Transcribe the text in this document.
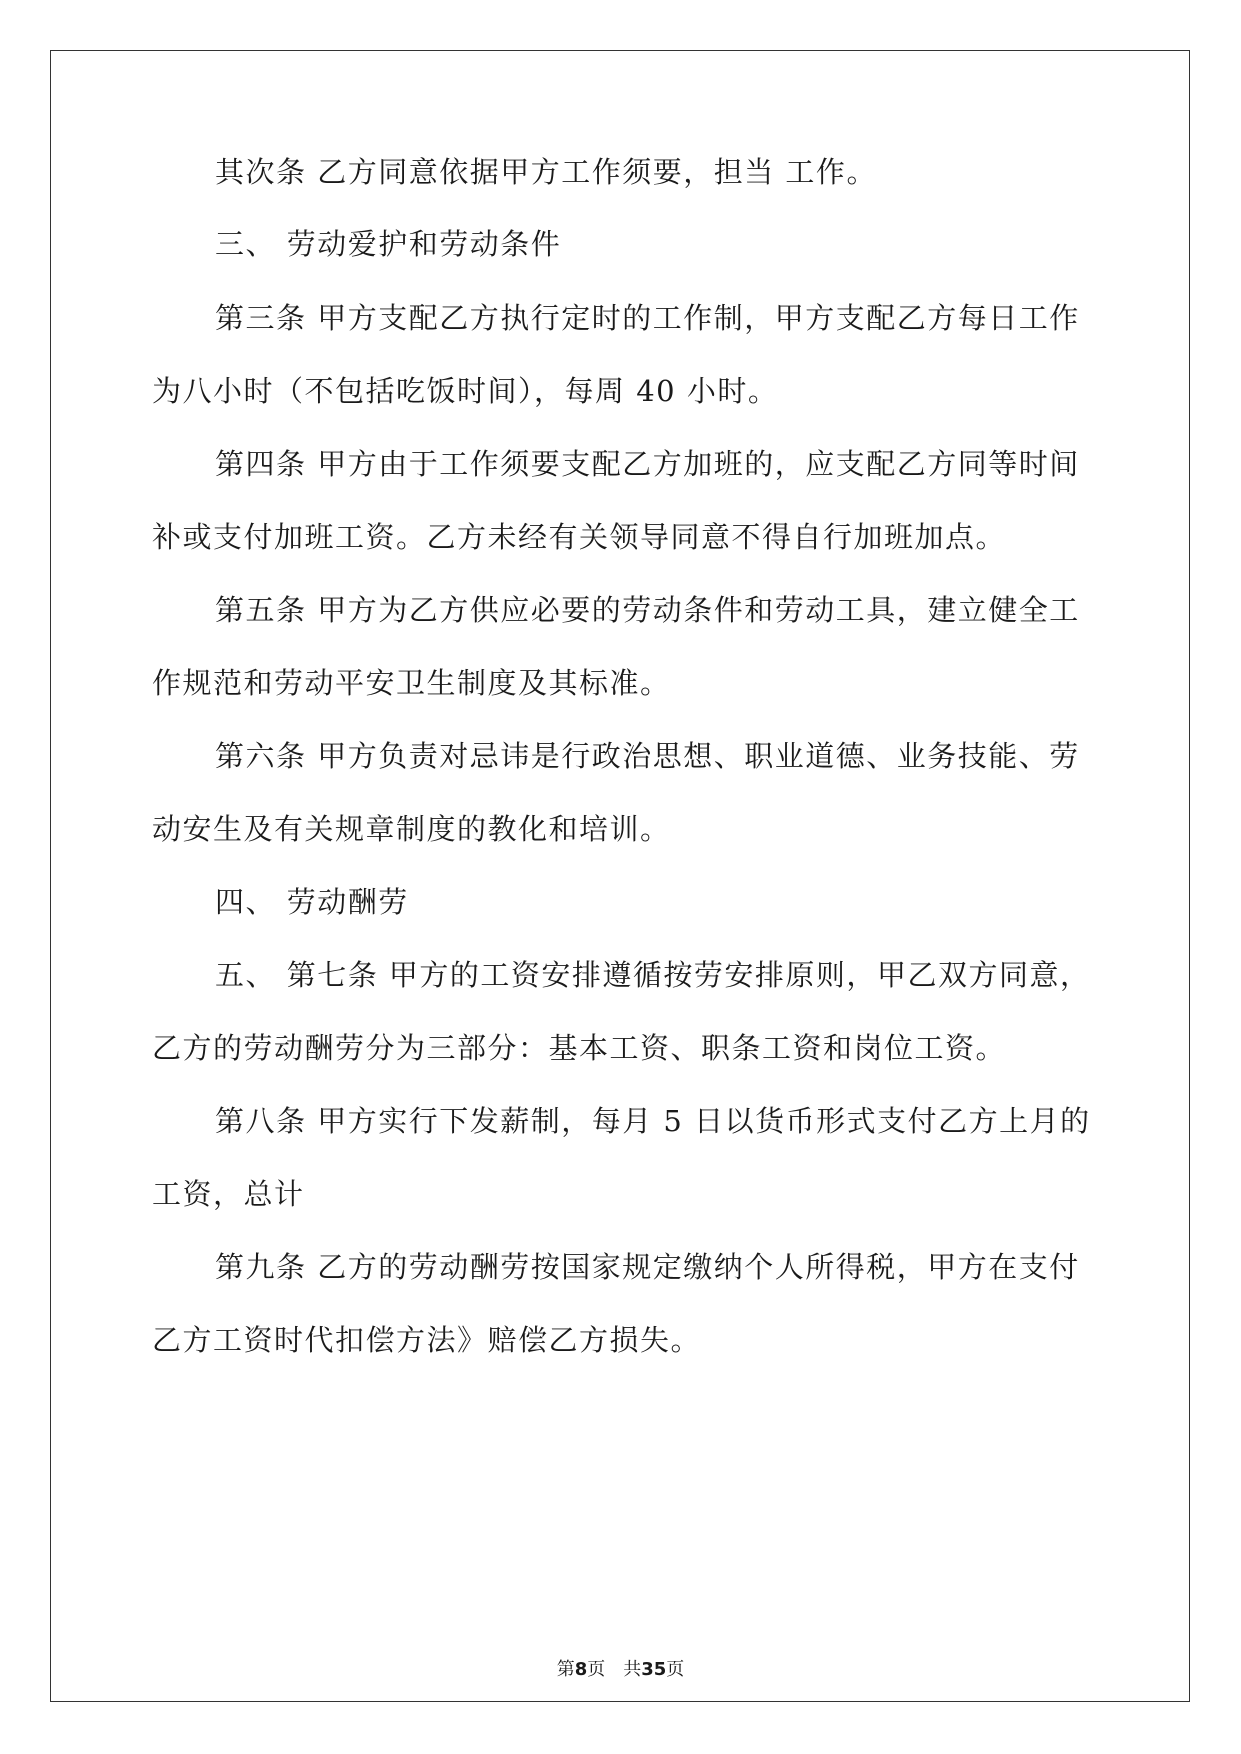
其次条 乙方同意依据甲方工作须要，担当 工作。
三、 劳动爱护和劳动条件
第三条 甲方支配乙方执行定时的工作制，甲方支配乙方每日工作
为八小时（不包括吃饭时间），每周 40 小时。
第四条 甲方由于工作须要支配乙方加班的，应支配乙方同等时间
补或支付加班工资。乙方未经有关领导同意不得自行加班加点。
第五条 甲方为乙方供应必要的劳动条件和劳动工具，建立健全工
作规范和劳动平安卫生制度及其标准。
第六条 甲方负责对忌讳是行政治思想、职业道德、业务技能、劳
动安生及有关规章制度的教化和培训。
四、 劳动酬劳
五、 第七条 甲方的工资安排遵循按劳安排原则，甲乙双方同意，
乙方的劳动酬劳分为三部分：基本工资、职条工资和岗位工资。
第八条 甲方实行下发薪制，每月 5 日以货币形式支付乙方上月的
工资，总计
第九条 乙方的劳动酬劳按国家规定缴纳个人所得税，甲方在支付
乙方工资时代扣偿方法》赔偿乙方损失。
第8页　共35页
